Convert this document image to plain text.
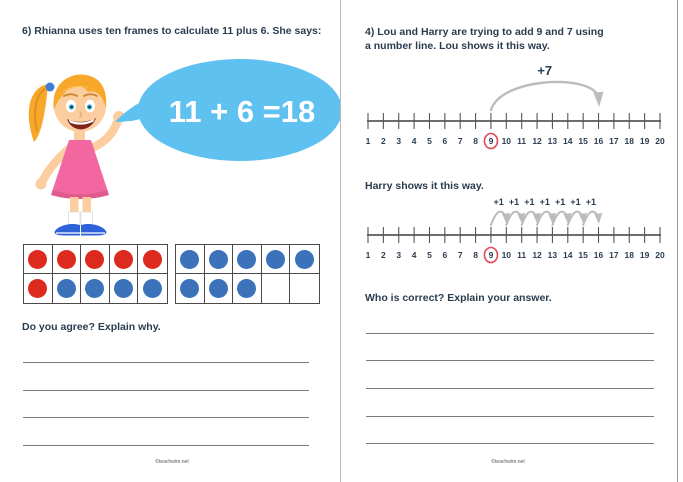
6) Rhianna uses ten frames to calculate 11 plus 6. She says:
11 + 6 =18
Do you agree? Explain why.
©teachwire.net
4) Lou and Harry are trying to add 9 and 7 using
a number line. Lou shows it this way.
1 2 3 4 5 6 7 8 9 10 11 12 13 14 15 16 17 18 19 20
+7
Harry shows it this way.
1 2 3 4 5 6 7 8 9 10 11 12 13 14 15 16 17 18 19 20
+1 +1 +1 +1 +1 +1 +1
Who is correct? Explain your answer.
©teachwire.net
